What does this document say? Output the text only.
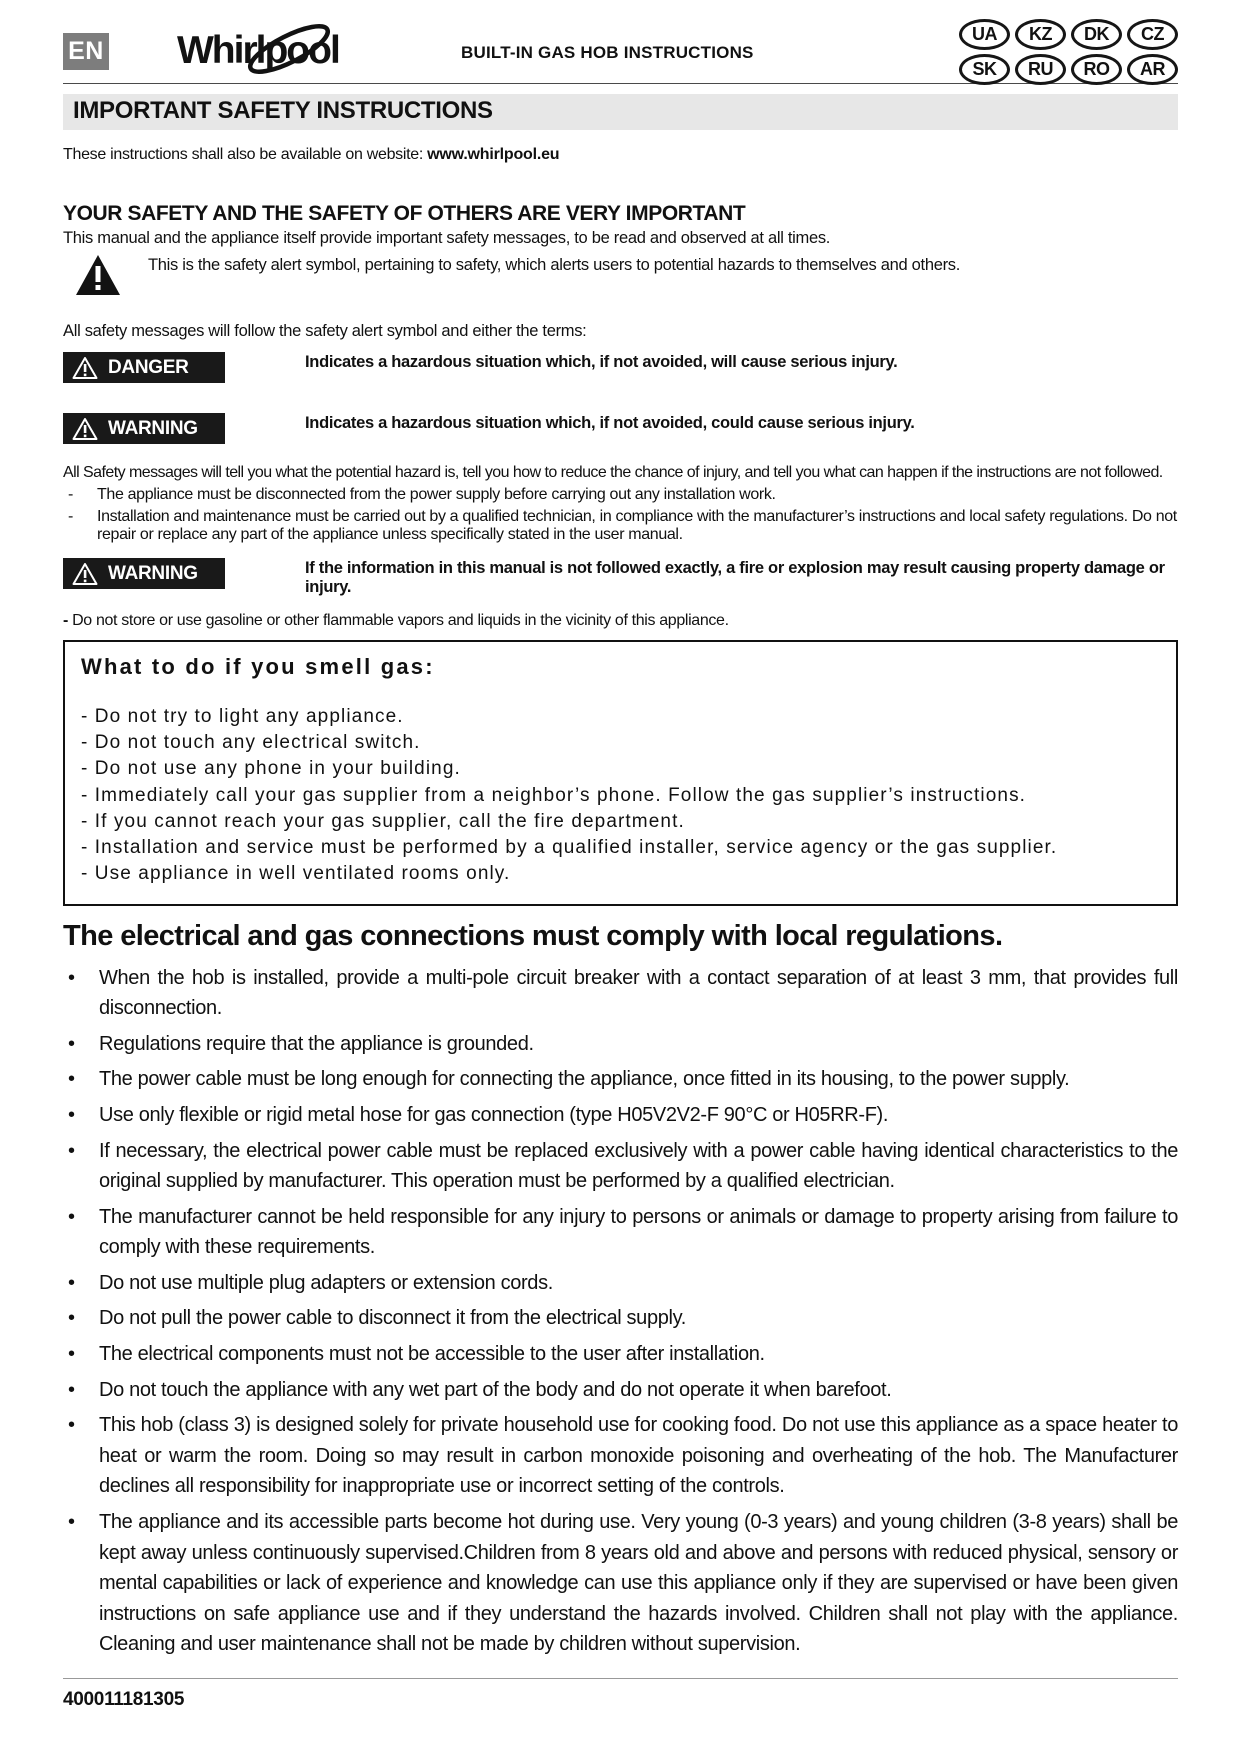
EN Whirlpool	BUILT-IN GAS HOB INSTRUCTIONS
UA	KZ	DK	CZ
SK	RU	RO	AR
IMPORTANT SAFETY INSTRUCTIONS
These instructions shall also be available on website: www.whirlpool.eu
YOUR SAFETY AND THE SAFETY OF OTHERS ARE VERY IMPORTANT
This manual and the appliance itself provide important safety messages, to be read and observed at all times.
This is the safety alert symbol, pertaining to safety, which alerts users to potential hazards to themselves and others.
All safety messages will follow the safety alert symbol and either the terms:
DANGER	Indicates a hazardous situation which, if not avoided, will cause serious injury.
WARNING	Indicates a hazardous situation which, if not avoided, could cause serious injury.
All Safety messages will tell you what the potential hazard is, tell you how to reduce the chance of injury, and tell you what can happen if the instructions are not followed.
- The appliance must be disconnected from the power supply before carrying out any installation work.
- Installation and maintenance must be carried out by a qualified technician, in compliance with the manufacturer’s instructions and local safety regulations. Do not repair or replace any part of the appliance unless specifically stated in the user manual.
WARNING	If the information in this manual is not followed exactly, a fire or explosion may result causing property damage or injury.
- Do not store or use gasoline or other flammable vapors and liquids in the vicinity of this appliance.
What to do if you smell gas:
- Do not try to light any appliance.
- Do not touch any electrical switch.
- Do not use any phone in your building.
- Immediately call your gas supplier from a neighbor’s phone. Follow the gas supplier’s instructions.
- If you cannot reach your gas supplier, call the fire department.
- Installation and service must be performed by a qualified installer, service agency or the gas supplier.
- Use appliance in well ventilated rooms only.
The electrical and gas connections must comply with local regulations.
• When the hob is installed, provide a multi-pole circuit breaker with a contact separation of at least 3 mm, that provides full disconnection.
• Regulations require that the appliance is grounded.
• The power cable must be long enough for connecting the appliance, once fitted in its housing, to the power supply.
• Use only flexible or rigid metal hose for gas connection (type H05V2V2-F 90°C or H05RR-F).
• If necessary, the electrical power cable must be replaced exclusively with a power cable having identical characteristics to the original supplied by manufacturer. This operation must be performed by a qualified electrician.
• The manufacturer cannot be held responsible for any injury to persons or animals or damage to property arising from failure to comply with these requirements.
• Do not use multiple plug adapters or extension cords.
• Do not pull the power cable to disconnect it from the electrical supply.
• The electrical components must not be accessible to the user after installation.
• Do not touch the appliance with any wet part of the body and do not operate it when barefoot.
• This hob (class 3) is designed solely for private household use for cooking food. Do not use this appliance as a space heater to heat or warm the room. Doing so may result in carbon monoxide poisoning and overheating of the hob. The Manufacturer declines all responsibility for inappropriate use or incorrect setting of the controls.
• The appliance and its accessible parts become hot during use. Very young (0-3 years) and young children (3-8 years) shall be kept away unless continuously supervised.Children from 8 years old and above and persons with reduced physical, sensory or mental capabilities or lack of experience and knowledge can use this appliance only if they are supervised or have been given instructions on safe appliance use and if they understand the hazards involved. Children shall not play with the appliance. Cleaning and user maintenance shall not be made by children without supervision.
400011181305
